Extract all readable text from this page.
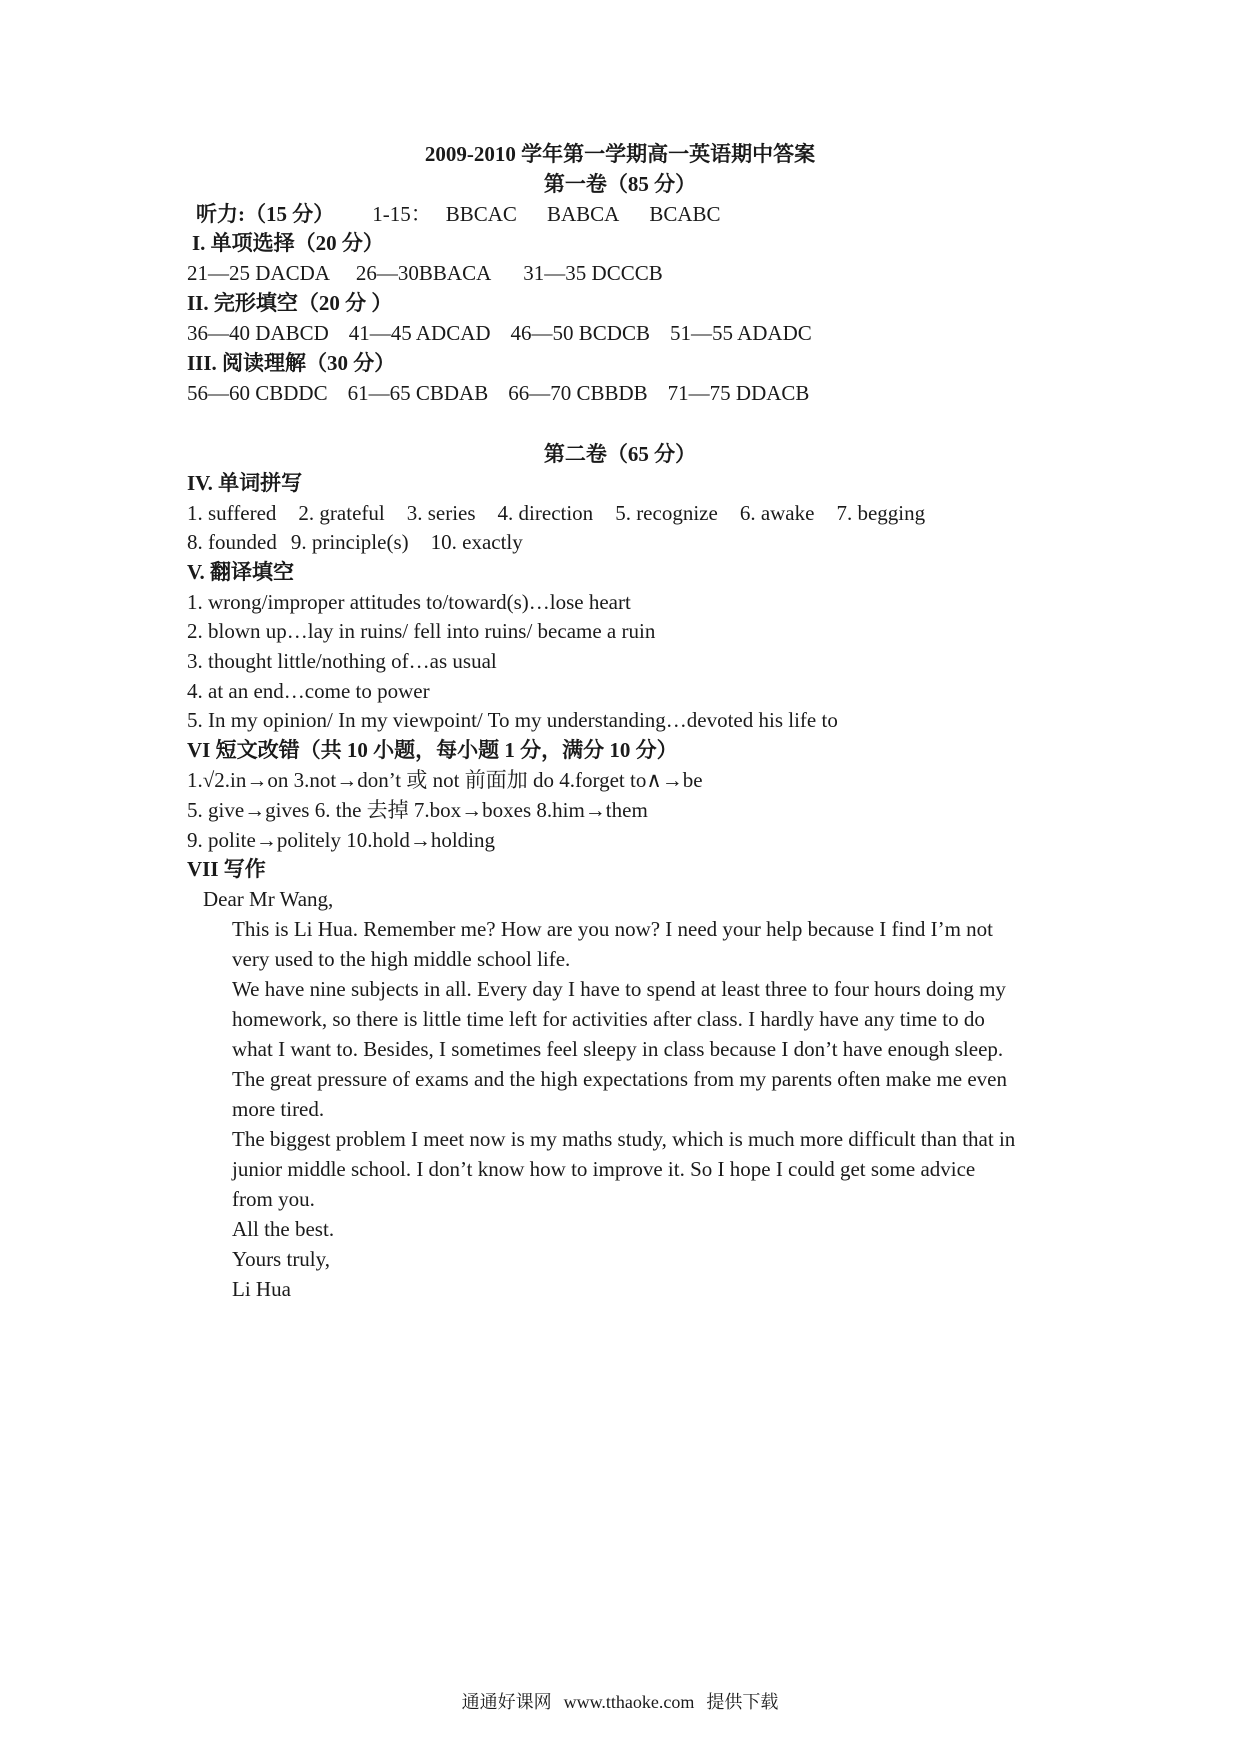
2009-2010 学年第一学期高一英语期中答案
第一卷（85 分）
听力:（15 分） 1-15： BBCAC BABCA BCABC
I. 单项选择（20 分）
21—25 DACDA 26—30BBACA 31—35 DCCCB
II. 完形填空（20 分 ）
36—40 DABCD 41—45 ADCAD 46—50 BCDCB 51—55 ADADC
III. 阅读理解（30 分）
56—60 CBDDC 61—65 CBDAB 66—70 CBBDB 71—75 DDACB
第二卷（65 分）
IV. 单词拼写
1. suffered 2. grateful 3. series 4. direction 5. recognize 6. awake 7. begging
8. founded 9. principle(s) 10. exactly
V. 翻译填空
1. wrong/improper attitudes to/toward(s)…lose heart
2. blown up…lay in ruins/ fell into ruins/ became a ruin
3. thought little/nothing of…as usual
4. at an end…come to power
5. In my opinion/ In my viewpoint/ To my understanding…devoted his life to
VI 短文改错（共 10 小题，每小题 1 分，满分 10 分）
1.√2.in→on 3.not→don’t 或 not 前面加 do 4.forget to∧→be
5. give→gives 6. the 去掉 7.box→boxes 8.him→them
9. polite→politely 10.hold→holding
VII 写作
Dear Mr Wang,
This is Li Hua. Remember me? How are you now? I need your help because I find I’m not
very used to the high middle school life.
We have nine subjects in all. Every day I have to spend at least three to four hours doing my
homework, so there is little time left for activities after class. I hardly have any time to do
what I want to. Besides, I sometimes feel sleepy in class because I don’t have enough sleep.
The great pressure of exams and the high expectations from my parents often make me even
more tired.
The biggest problem I meet now is my maths study, which is much more difficult than that in
junior middle school. I don’t know how to improve it. So I hope I could get some advice
from you.
All the best.
Yours truly,
Li Hua
通通好课网 www.tthaoke.com 提供下载
